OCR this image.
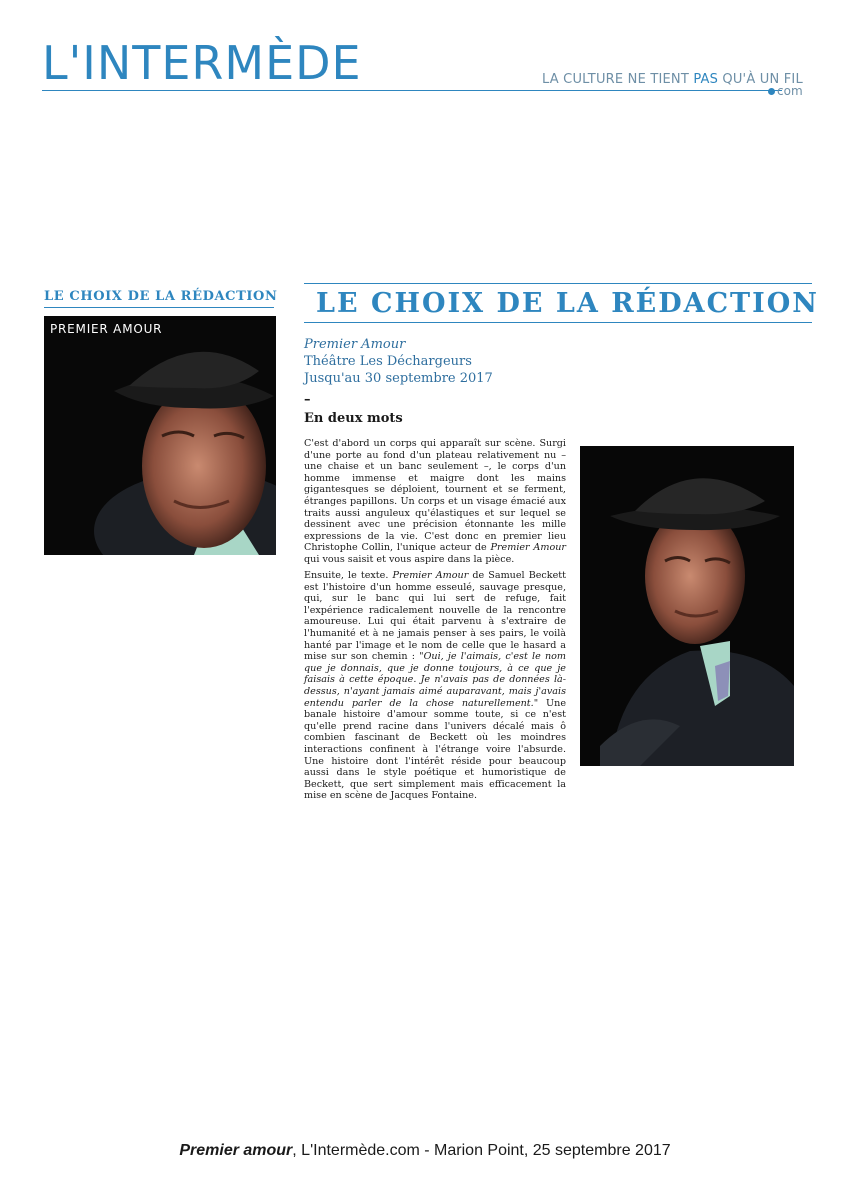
L'INTERMÈDE	LA CULTURE NE TIENT PAS QU'À UN FIL
com
LE CHOIX DE LA RÉDACTION
PREMIER AMOUR
LE CHOIX DE LA RÉDACTION
Premier Amour
Théâtre Les Déchargeurs
Jusqu'au 30 septembre 2017
–
En deux mots
C'est d'abord un corps qui apparaît sur scène. Surgi d'une porte au fond d'un plateau relativement nu – une chaise et un banc seulement –, le corps d'un homme immense et maigre dont les mains gigantesques se déploient, tournent et se ferment, étranges papillons. Un corps et un visage émacié aux traits aussi anguleux qu'élastiques et sur lequel se dessinent avec une précision étonnante les mille expressions de la vie. C'est donc en premier lieu Christophe Collin, l'unique acteur de Premier Amour qui vous saisit et vous aspire dans la pièce.
Ensuite, le texte. Premier Amour de Samuel Beckett est l'histoire d'un homme esseulé, sauvage presque, qui, sur le banc qui lui sert de refuge, fait l'expérience radicalement nouvelle de la rencontre amoureuse. Lui qui était parvenu à s'extraire de l'humanité et à ne jamais penser à ses pairs, le voilà hanté par l'image et le nom de celle que le hasard a mise sur son chemin : "Oui, je l'aimais, c'est le nom que je donnais, que je donne toujours, à ce que je faisais à cette époque. Je n'avais pas de données là-dessus, n'ayant jamais aimé auparavant, mais j'avais entendu parler de la chose naturellement." Une banale histoire d'amour somme toute, si ce n'est qu'elle prend racine dans l'univers décalé mais ô combien fascinant de Beckett où les moindres interactions confinent à l'étrange voire l'absurde. Une histoire dont l'intérêt réside pour beaucoup aussi dans le style poétique et humoristique de Beckett, que sert simplement mais efficacement la mise en scène de Jacques Fontaine.
Premier amour, L'Intermède.com - Marion Point, 25 septembre 2017
